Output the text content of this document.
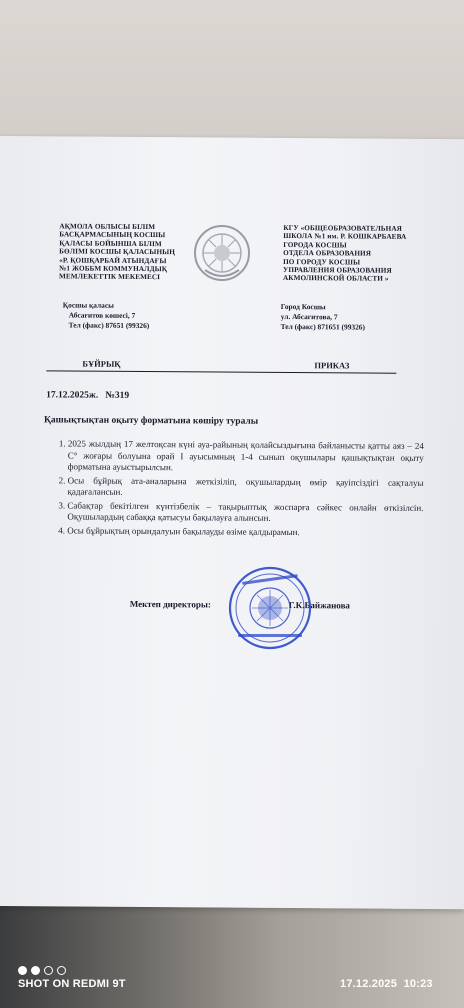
АҚМОЛА ОБЛЫСЫ БІЛІМ
БАСҚАРМАСЫНЫҢ КОСШЫ
ҚАЛАСЫ БОЙЫНША БІЛІМ
БӨЛІМІ КОСШЫ ҚАЛАСЫНЫҢ
«Р. ҚОШҚАРБАЙ АТЫНДАҒЫ
№1 ЖОББМ КОММУНАЛДЫҚ
МЕМЛЕКЕТТІК МЕКЕМЕСІ
КГУ «ОБЩЕОБРАЗОВАТЕЛЬНАЯ
ШКОЛА №1 им. Р. КОШКАРБАЕВА
ГОРОДА КОСШЫ
ОТДЕЛА ОБРАЗОВАНИЯ
ПО ГОРОДУ КОСШЫ
УПРАВЛЕНИЯ ОБРАЗОВАНИЯ
АКМОЛИНСКОЙ ОБЛАСТИ »
Қосшы қаласы
Абсағитов көшесі, 7
Тел (факс) 87651 (99326)
Город Косшы
ул. Абсагитова, 7
Тел (факс) 871651 (99326)
БҰЙРЫҚ	ПРИКАЗ
17.12.2025ж.   №319
Қашықтықтан оқыту форматына көшіру туралы
1. 2025 жылдың 17 желтоқсан күні ауа-райының қолайсыздығына байланысты қатты аяз – 24 С° жоғары болуына орай І ауысымның 1-4 сынып оқушылары қашықтықтан оқыту форматына ауыстырылсын.
2. Осы бұйрық ата-аналарына жеткізіліп, оқушылардың өмір қауіпсіздігі сақталуы қадағалансын.
3. Сабақтар бекітілген күнтізбелік – тақырыптық жоспарға сәйкес онлайн өткізілсін. Оқушылардың сабаққа қатысуы бақылауға алынсын.
4. Осы бұйрықтың орындалуын бақылауды өзіме қалдырамын.
Мектеп директоры:	Г.К.Байжанова
SHOT ON REDMI 9T	17.12.2025  10:23
